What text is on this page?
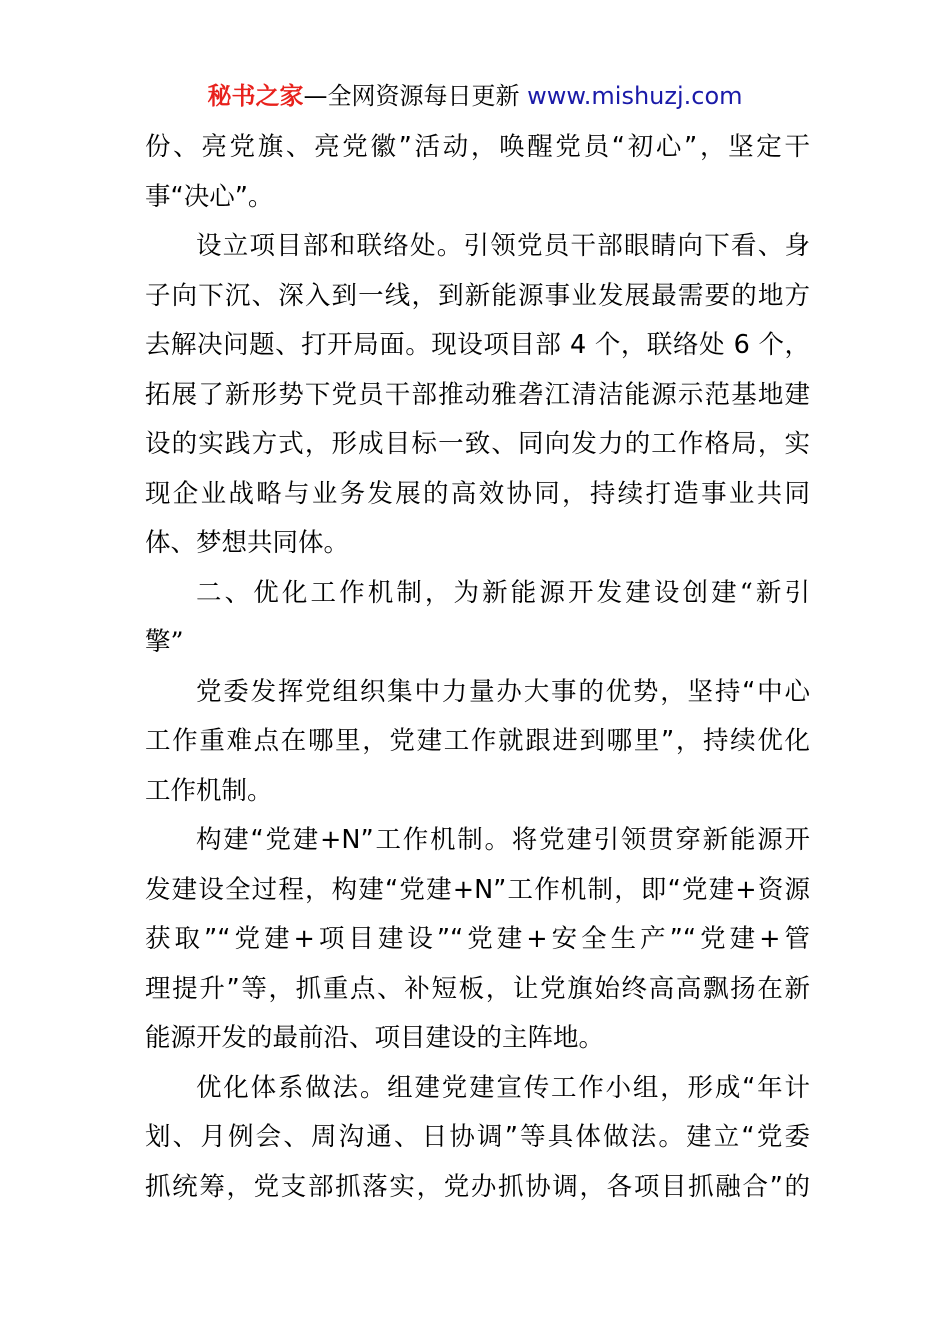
秘书之家—全网资源每日更新 www.mishuzj.com
份、亮党旗、亮党徽”活动，唤醒党员“初心”，坚定干
事“决心”。
设立项目部和联络处。引领党员干部眼睛向下看、身
子向下沉、深入到一线，到新能源事业发展最需要的地方
去解决问题、打开局面。现设项目部 4 个，联络处 6 个，
拓展了新形势下党员干部推动雅砻江清洁能源示范基地建
设的实践方式，形成目标一致、同向发力的工作格局，实
现企业战略与业务发展的高效协同，持续打造事业共同
体、梦想共同体。
二、优化工作机制，为新能源开发建设创建“新引
擎”
党委发挥党组织集中力量办大事的优势，坚持“中心
工作重难点在哪里，党建工作就跟进到哪里”，持续优化
工作机制。
构建“党建+N”工作机制。将党建引领贯穿新能源开
发建设全过程，构建“党建+N”工作机制，即“党建+资源
获取”“党建+项目建设”“党建+安全生产”“党建+管
理提升”等，抓重点、补短板，让党旗始终高高飘扬在新
能源开发的最前沿、项目建设的主阵地。
优化体系做法。组建党建宣传工作小组，形成“年计
划、月例会、周沟通、日协调”等具体做法。建立“党委
抓统筹，党支部抓落实，党办抓协调，各项目抓融合”的
